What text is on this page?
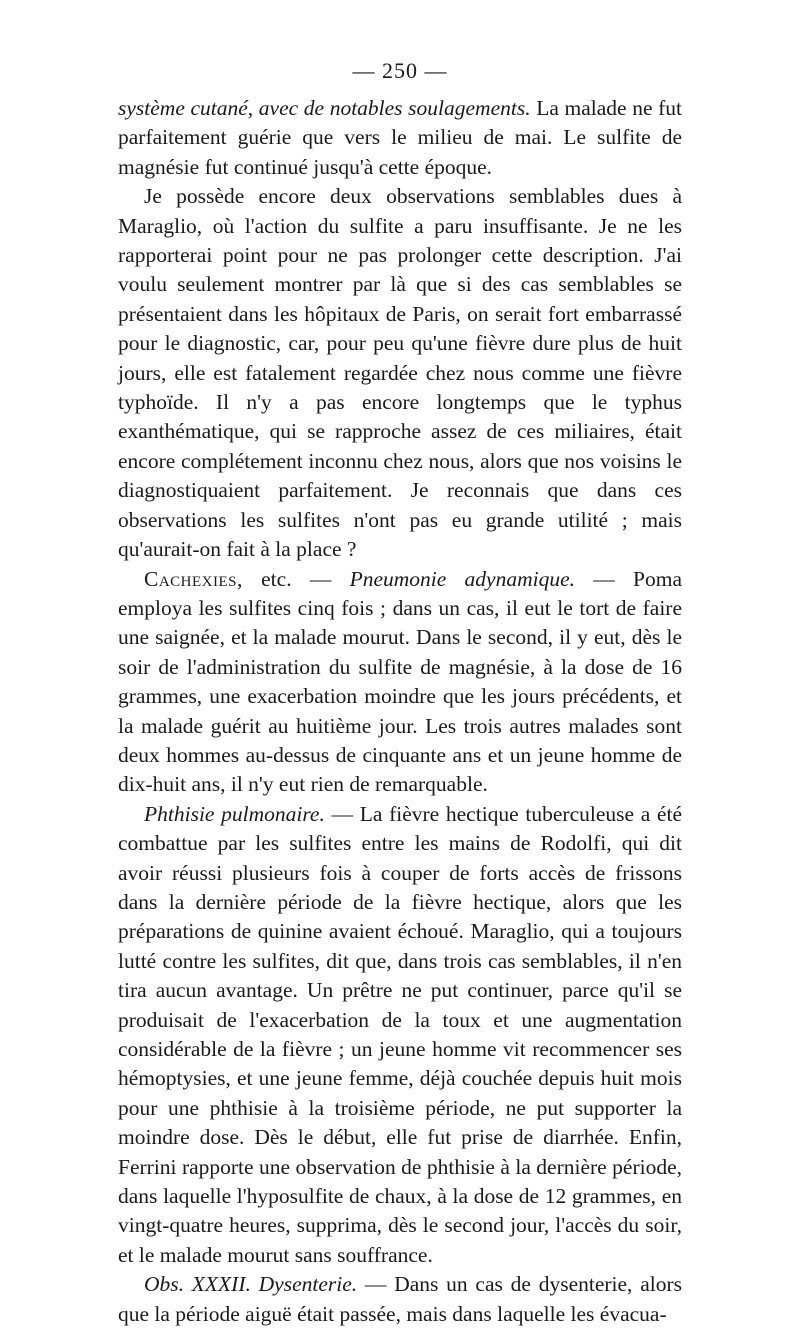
— 250 —

système cutané, avec de notables soulagements. La malade ne fut parfaitement guérie que vers le milieu de mai. Le sulfite de magnésie fut continué jusqu'à cette époque.

Je possède encore deux observations semblables dues à Maraglio, où l'action du sulfite a paru insuffisante. Je ne les rapporterai point pour ne pas prolonger cette description. J'ai voulu seulement montrer par là que si des cas semblables se présentaient dans les hôpitaux de Paris, on serait fort embarrassé pour le diagnostic, car, pour peu qu'une fièvre dure plus de huit jours, elle est fatalement regardée chez nous comme une fièvre typhoïde. Il n'y a pas encore longtemps que le typhus exanthématique, qui se rapproche assez de ces miliaires, était encore complétement inconnu chez nous, alors que nos voisins le diagnostiquaient parfaitement. Je reconnais que dans ces observations les sulfites n'ont pas eu grande utilité ; mais qu'aurait-on fait à la place ?

Cachexies, etc. — Pneumonie adynamique. — Poma employa les sulfites cinq fois ; dans un cas, il eut le tort de faire une saignée, et la malade mourut. Dans le second, il y eut, dès le soir de l'administration du sulfite de magnésie, à la dose de 16 grammes, une exacerbation moindre que les jours précédents, et la malade guérit au huitième jour. Les trois autres malades sont deux hommes au-dessus de cinquante ans et un jeune homme de dix-huit ans, il n'y eut rien de remarquable.

Phthisie pulmonaire. — La fièvre hectique tuberculeuse a été combattue par les sulfites entre les mains de Rodolfi, qui dit avoir réussi plusieurs fois à couper de forts accès de frissons dans la dernière période de la fièvre hectique, alors que les préparations de quinine avaient échoué. Maraglio, qui a toujours lutté contre les sulfites, dit que, dans trois cas semblables, il n'en tira aucun avantage. Un prêtre ne put continuer, parce qu'il se produisait de l'exacerbation de la toux et une augmentation considérable de la fièvre ; un jeune homme vit recommencer ses hémoptysies, et une jeune femme, déjà couchée depuis huit mois pour une phthisie à la troisième période, ne put supporter la moindre dose. Dès le début, elle fut prise de diarrhée. Enfin, Ferrini rapporte une observation de phthisie à la dernière période, dans laquelle l'hyposulfite de chaux, à la dose de 12 grammes, en vingt-quatre heures, supprima, dès le second jour, l'accès du soir, et le malade mourut sans souffrance.

Obs. XXXII. Dysenterie. — Dans un cas de dysenterie, alors que la période aiguë était passée, mais dans laquelle les évacua-
